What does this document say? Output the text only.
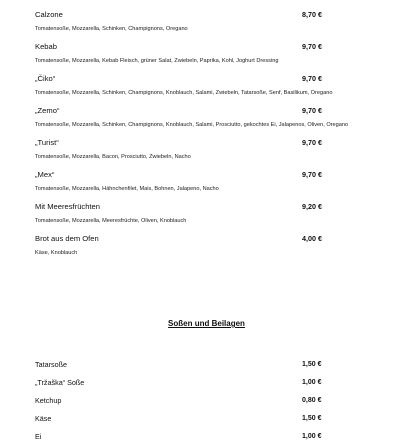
Calzone	8,70 €
Tomatensoße, Mozzarella, Schinken, Champignons, Oregano
Kebab	9,70 €
Tomatensoße, Mozzarella, Kebab Fleisch, grüner Salat, Zwiebeln, Paprika, Kohl, Joghurt Dressing
„Čiko“	9,70 €
Tomatensoße, Mozzarella, Schinken, Champignons, Knoblauch, Salami, Zwiebeln, Tatarsoße, Senf, Basilikum, Oregano
„Zemo“	9,70 €
Tomatensoße, Mozzarella, Schinken, Champignons, Knoblauch, Salami, Prosciutto, gekochtes Ei, Jalapenos, Oliven, Oregano
„Turist“	9,70 €
Tomatensoße, Mozzarella, Bacon, Prosciutto, Zwiebeln, Nacho
„Mex“	9,70 €
Tomatensoße, Mozzarella, Hähnchenfilet, Mais, Bohnen, Jalapeno, Nacho
Mit Meeresfrüchten	9,20 €
Tomatensoße, Mozzarella, Meeresfrüchte, Oliven, Knoblauch
Brot aus dem Ofen	4,00 €
Käse, Knoblauch
Soßen und Beilagen
Tatarsoße	1,50 €
„Tržaška“ Soße	1,00 €
Ketchup	0,80 €
Käse	1,50 €
Ei	1,00 €
